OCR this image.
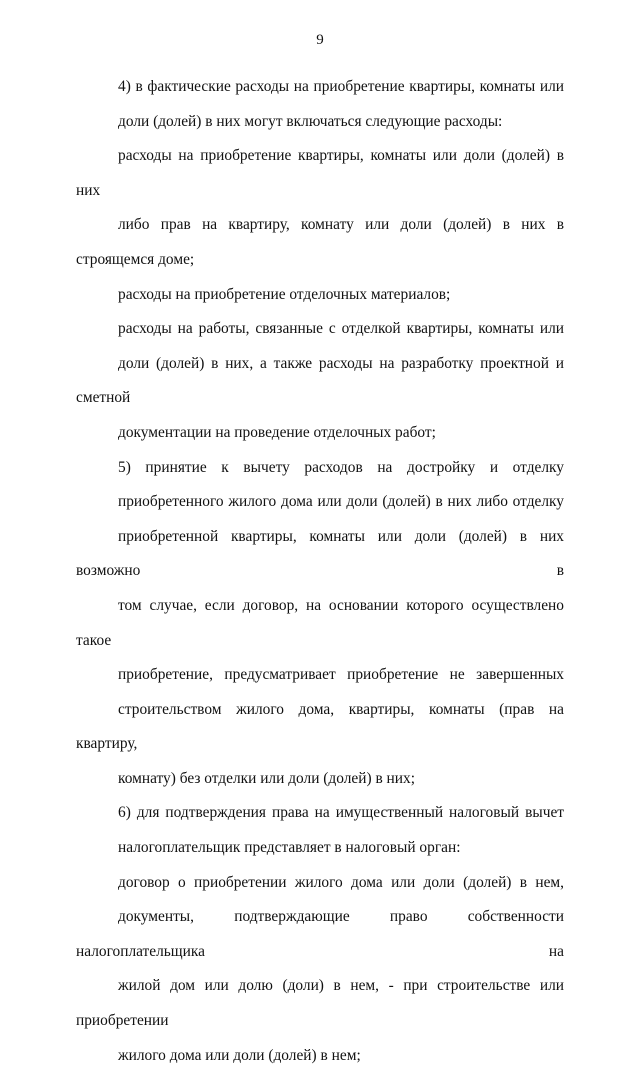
9
4) в фактические расходы на приобретение квартиры, комнаты или
доли (долей) в них могут включаться следующие расходы:
расходы на приобретение квартиры, комнаты или доли (долей) в них
либо прав на квартиру, комнату или доли (долей) в них в строящемся доме;
расходы на приобретение отделочных материалов;
расходы на работы, связанные с отделкой квартиры, комнаты или
доли (долей) в них, а также расходы на разработку проектной и сметной
документации на проведение отделочных работ;
5) принятие к вычету расходов на достройку и отделку
приобретенного жилого дома или доли (долей) в них либо отделку
приобретенной квартиры, комнаты или доли (долей) в них возможно в
том случае, если договор, на основании которого осуществлено такое
приобретение, предусматривает приобретение не завершенных
строительством жилого дома, квартиры, комнаты (прав на квартиру,
комнату) без отделки или доли (долей) в них;
6) для подтверждения права на имущественный налоговый вычет
налогоплательщик представляет в налоговый орган:
договор о приобретении жилого дома или доли (долей) в нем,
документы, подтверждающие право собственности налогоплательщика на
жилой дом или долю (доли) в нем, - при строительстве или приобретении
жилого дома или доли (долей) в нем;
